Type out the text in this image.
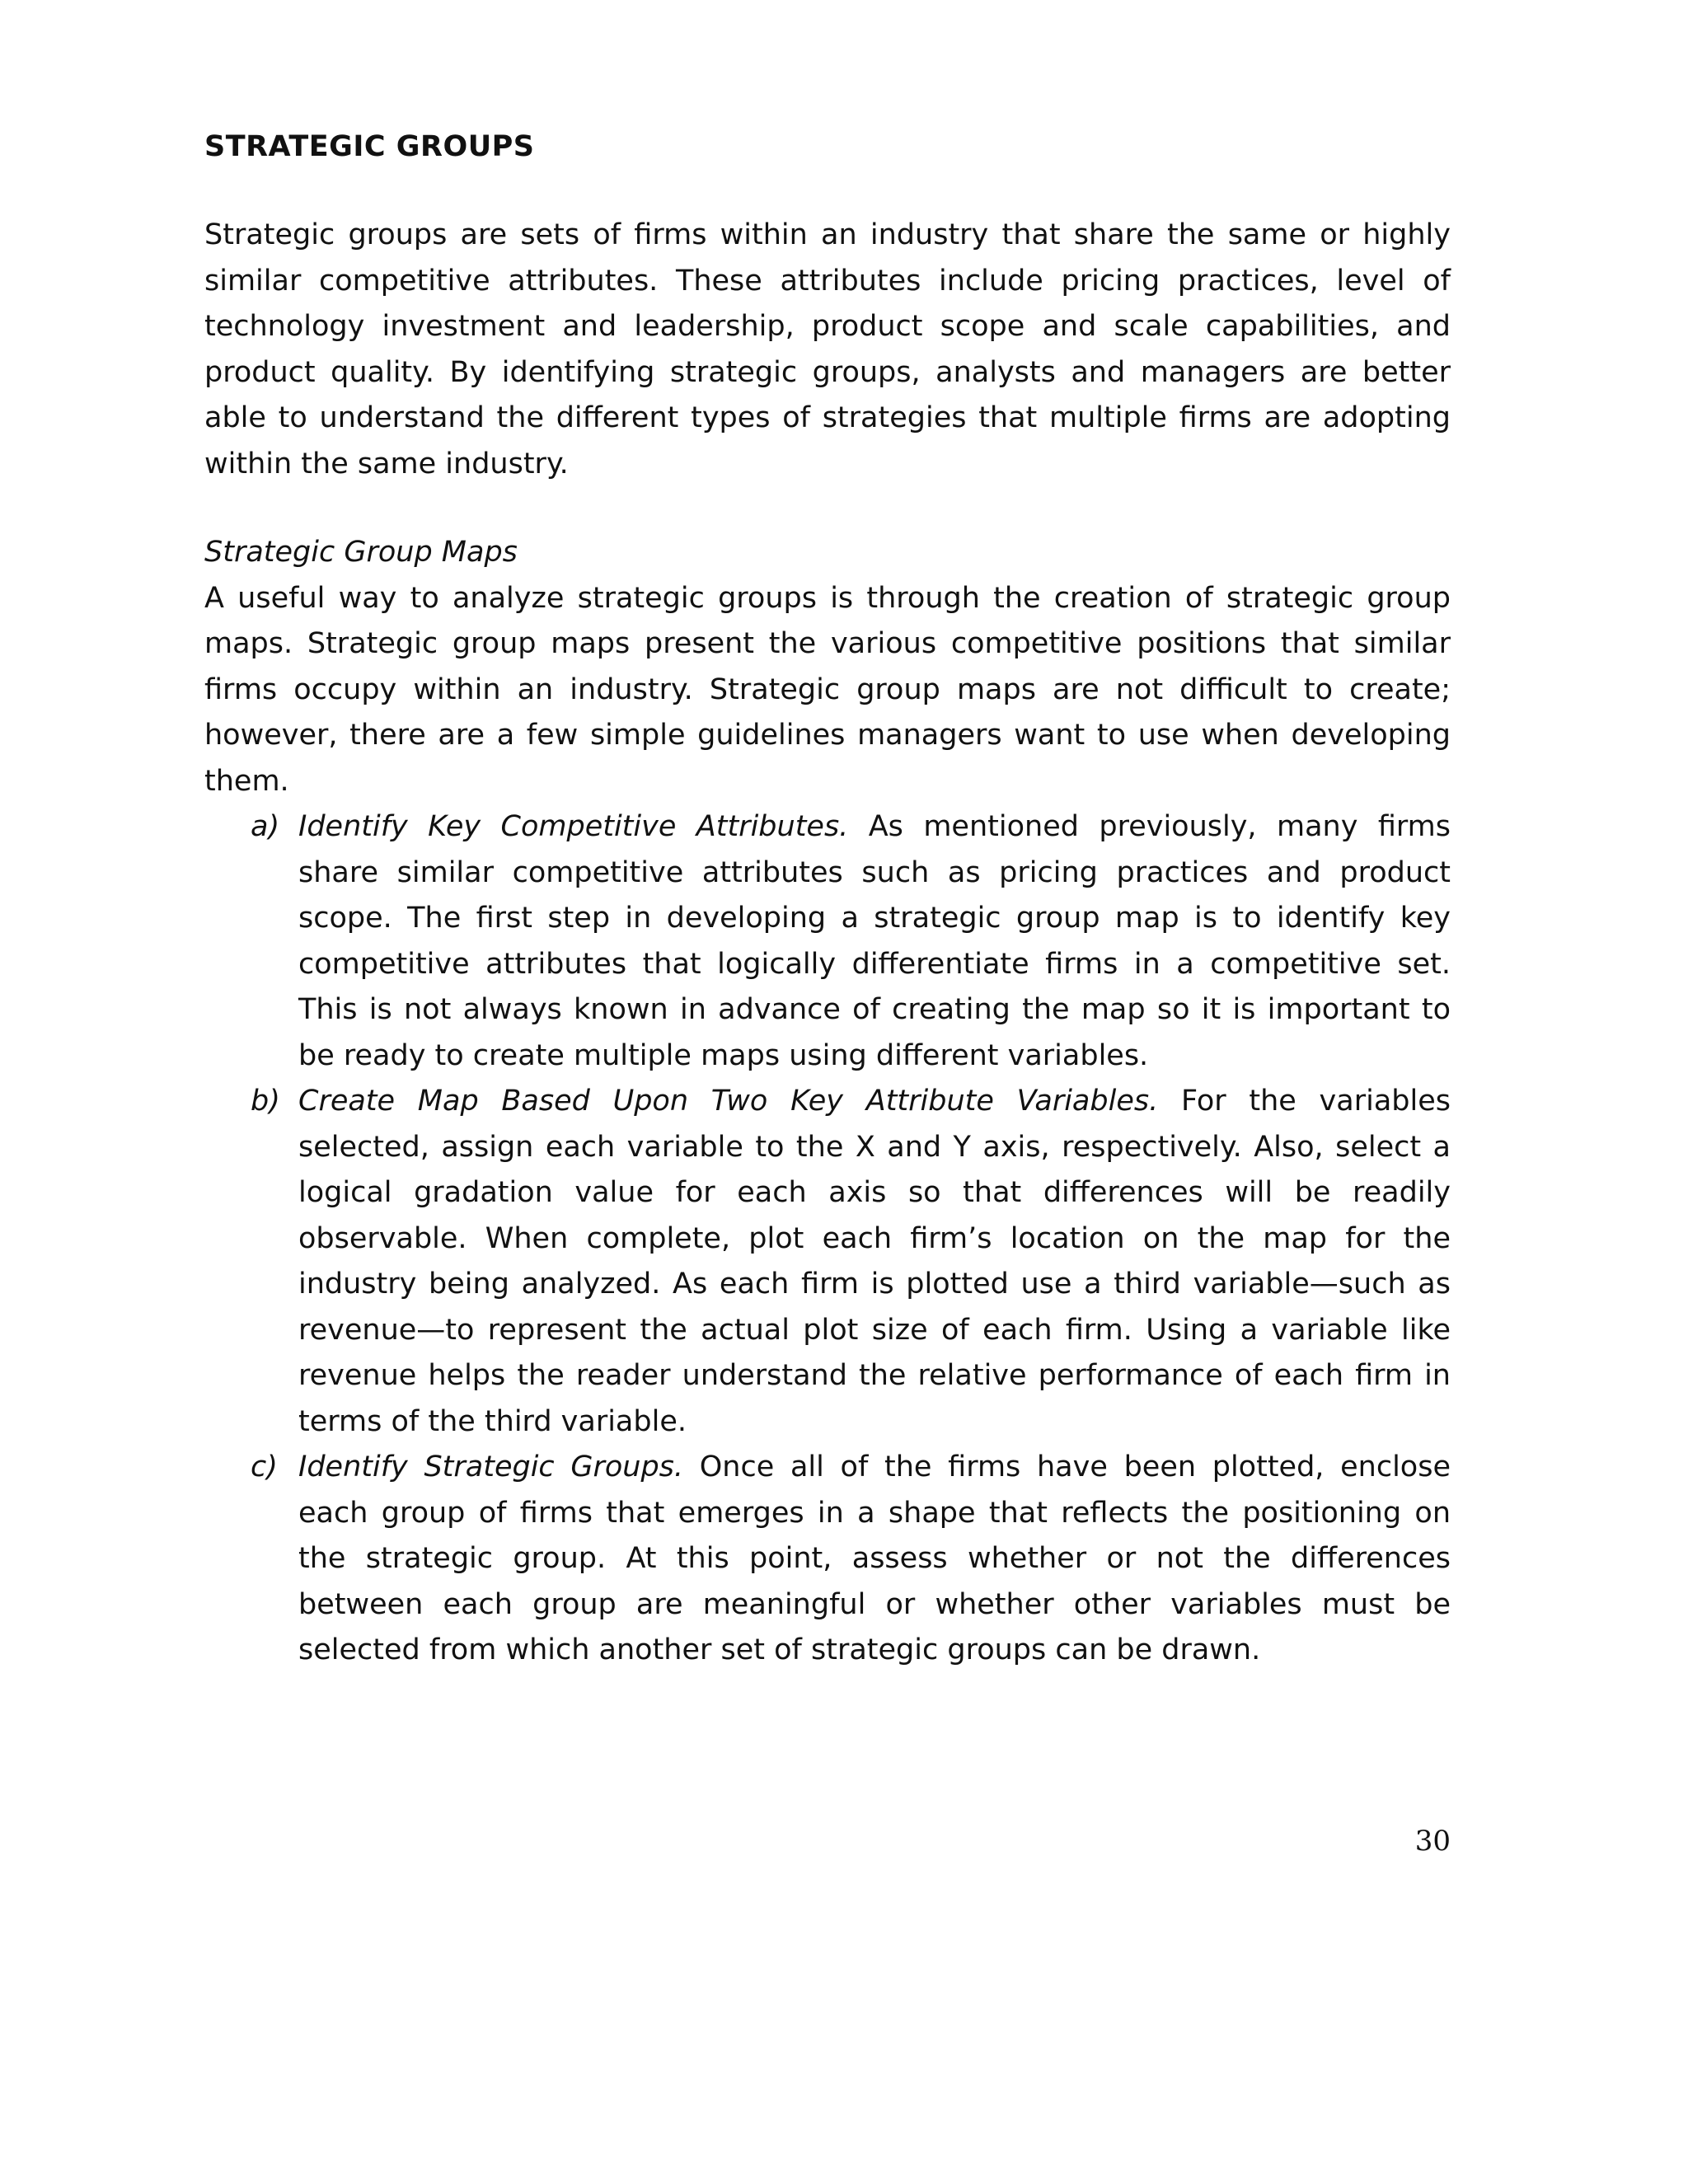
STRATEGIC GROUPS

Strategic groups are sets of firms within an industry that share the same or highly similar competitive attributes. These attributes include pricing practices, level of technology investment and leadership, product scope and scale capabilities, and product quality. By identifying strategic groups, analysts and managers are better able to understand the different types of strategies that multiple firms are adopting within the same industry.

Strategic Group Maps

A useful way to analyze strategic groups is through the creation of strategic group maps. Strategic group maps present the various competitive positions that similar firms occupy within an industry. Strategic group maps are not difficult to create; however, there are a few simple guidelines managers want to use when developing them.

a) Identify Key Competitive Attributes. As mentioned previously, many firms share similar competitive attributes such as pricing practices and product scope. The first step in developing a strategic group map is to identify key competitive attributes that logically differentiate firms in a competitive set. This is not always known in advance of creating the map so it is important to be ready to create multiple maps using different variables.
b) Create Map Based Upon Two Key Attribute Variables. For the variables selected, assign each variable to the X and Y axis, respectively. Also, select a logical gradation value for each axis so that differences will be readily observable. When complete, plot each firm’s location on the map for the industry being analyzed. As each firm is plotted use a third variable—such as revenue—to represent the actual plot size of each firm. Using a variable like revenue helps the reader understand the relative performance of each firm in terms of the third variable.
c) Identify Strategic Groups. Once all of the firms have been plotted, enclose each group of firms that emerges in a shape that reflects the positioning on the strategic group. At this point, assess whether or not the differences between each group are meaningful or whether other variables must be selected from which another set of strategic groups can be drawn.
30
